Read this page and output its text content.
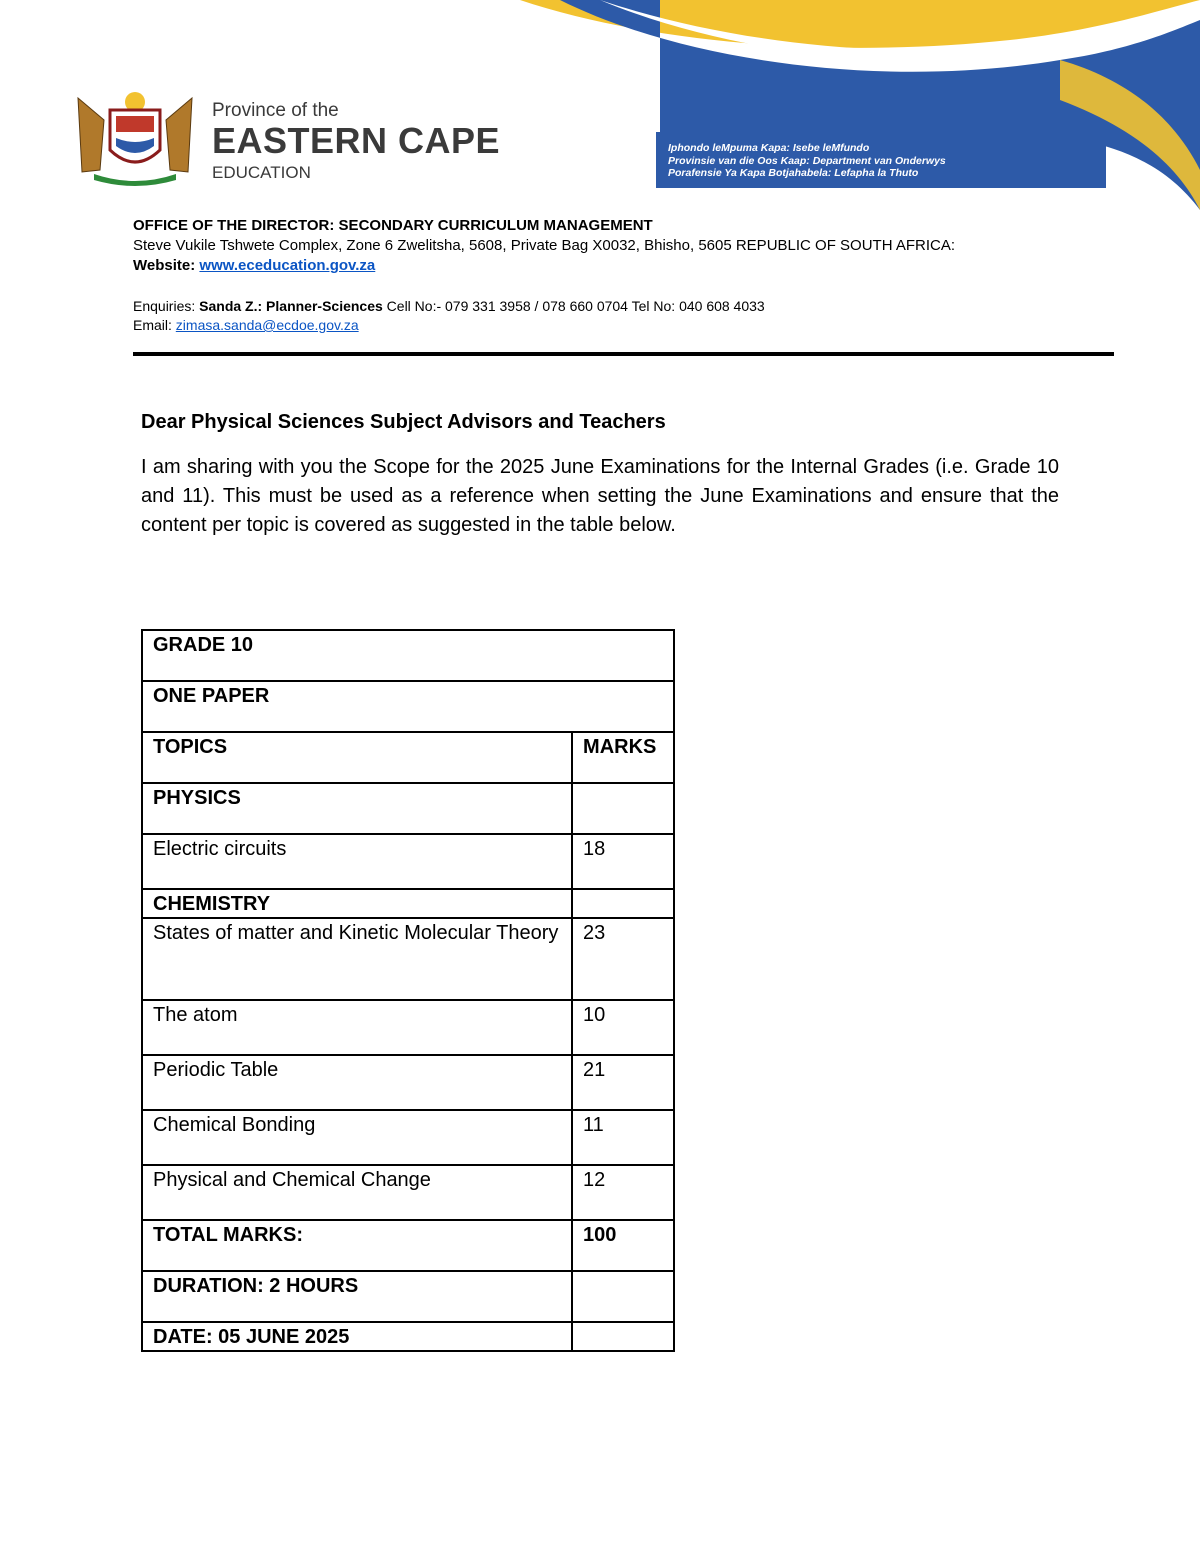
Province of the
EASTERN CAPE
EDUCATION
Iphondo leMpuma Kapa: Isebe leMfundo
Provinsie van die Oos Kaap: Department van Onderwys
Porafensie Ya Kapa Botjahabela: Lefapha la Thuto
OFFICE OF THE DIRECTOR: SECONDARY CURRICULUM MANAGEMENT
Steve Vukile Tshwete Complex, Zone 6 Zwelitsha, 5608, Private Bag X0032, Bhisho, 5605 REPUBLIC OF SOUTH AFRICA:
Website: www.eceducation.gov.za
Enquiries: Sanda Z.: Planner-Sciences Cell No:- 079 331 3958 / 078 660 0704 Tel No: 040 608 4033
Email: zimasa.sanda@ecdoe.gov.za
Dear Physical Sciences Subject Advisors and Teachers
I am sharing with you the Scope for the 2025 June Examinations for the Internal Grades (i.e. Grade 10 and 11). This must be used as a reference when setting the June Examinations and ensure that the content per topic is covered as suggested in the table below.
GRADE 10	
ONE PAPER	
TOPICS	MARKS
PHYSICS	
Electric circuits	18
CHEMISTRY	
States of matter and Kinetic Molecular Theory	23
The atom	10
Periodic Table	21
Chemical Bonding	11
Physical and Chemical Change	12
TOTAL MARKS:	100
DURATION: 2 HOURS	
DATE: 05 JUNE 2025	
